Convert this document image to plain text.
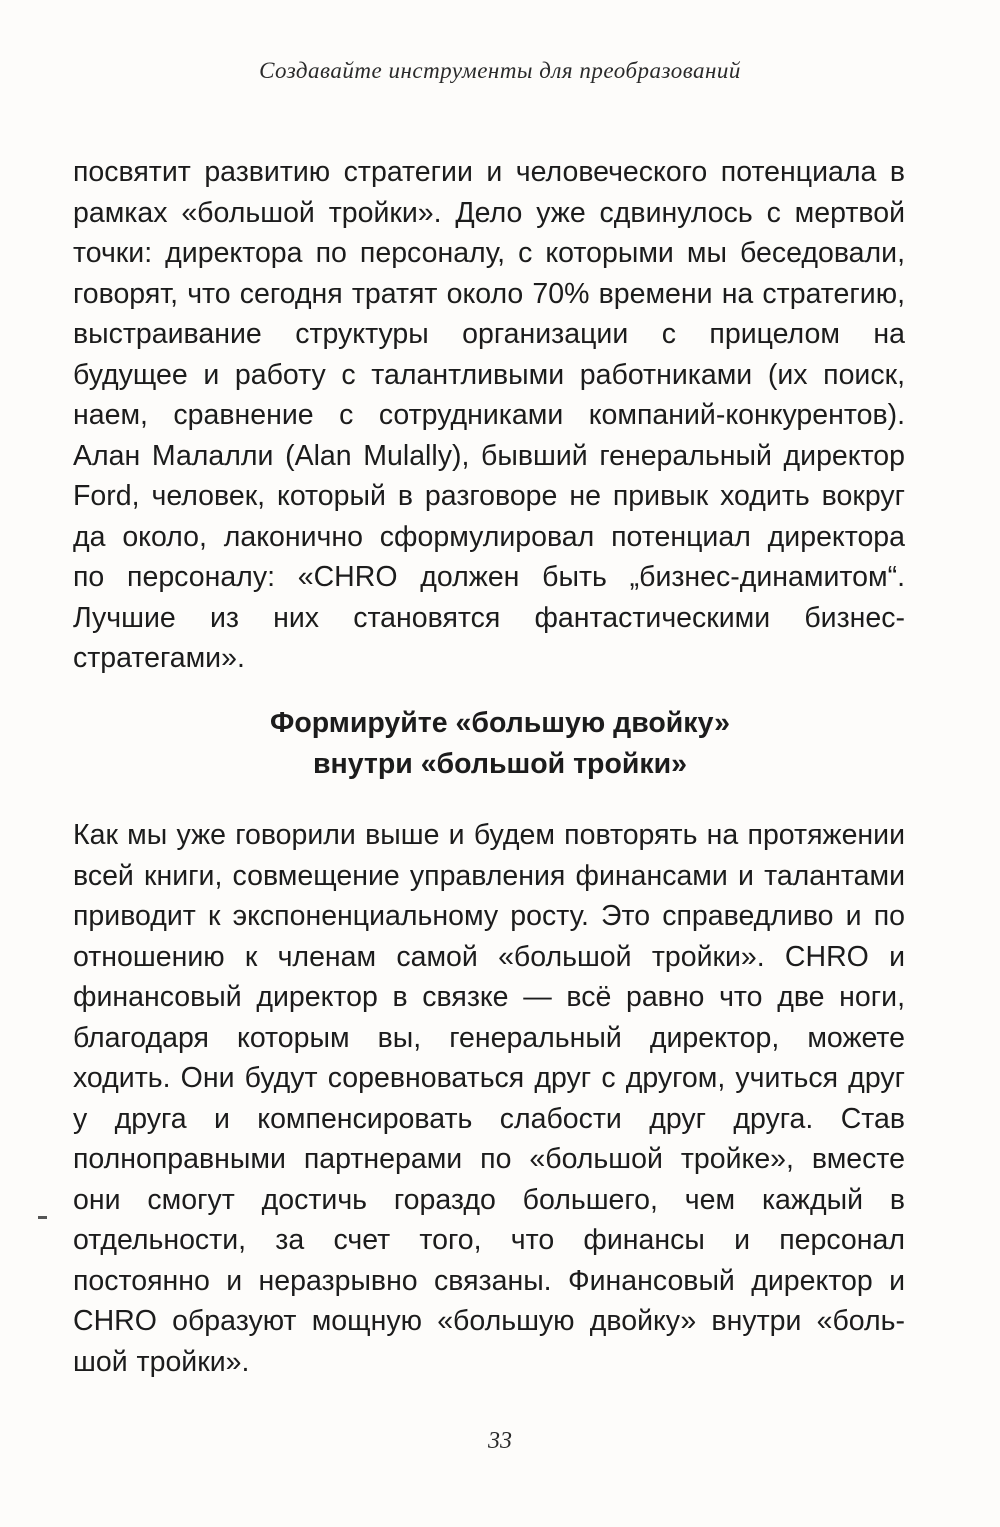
Создавайте инструменты для преобразований

посвятит развитию стратегии и человеческого потенциала в рамках «большой тройки». Дело уже сдвинулось с мертвой точки: директора по персоналу, с которыми мы беседовали, говорят, что сегодня тратят около 70% времени на стратегию, выстраивание структуры организации с прицелом на будущее и работу с талантливыми работниками (их поиск, наем, сравнение с сотрудниками компаний-конкурентов). Алан Малалли (Alan Mulally), бывший генеральный директор Ford, человек, который в разговоре не привык ходить вокруг да около, лаконично сформулировал потенциал директора по персоналу: «CHRO должен быть „бизнес-динамитом“. Лучшие из них становятся фантастическими бизнес-стратегами».

Формируйте «большую двойку»
внутри «большой тройки»

Как мы уже говорили выше и будем повторять на протяжении всей книги, совмещение управления финансами и талантами приводит к экспоненциальному росту. Это справедливо и по отношению к членам самой «большой тройки». CHRO и финансовый директор в связке — всё равно что две ноги, благодаря которым вы, генеральный директор, можете ходить. Они будут соревноваться друг с другом, учиться друг у друга и компенсировать слабости друг друга. Став полноправными партнерами по «большой тройке», вместе они смогут достичь гораздо большего, чем каждый в отдельности, за счет того, что финансы и персонал постоянно и неразрывно связаны. Финансовый директор и CHRO образуют мощную «большую двойку» внутри «большой тройки».

33
